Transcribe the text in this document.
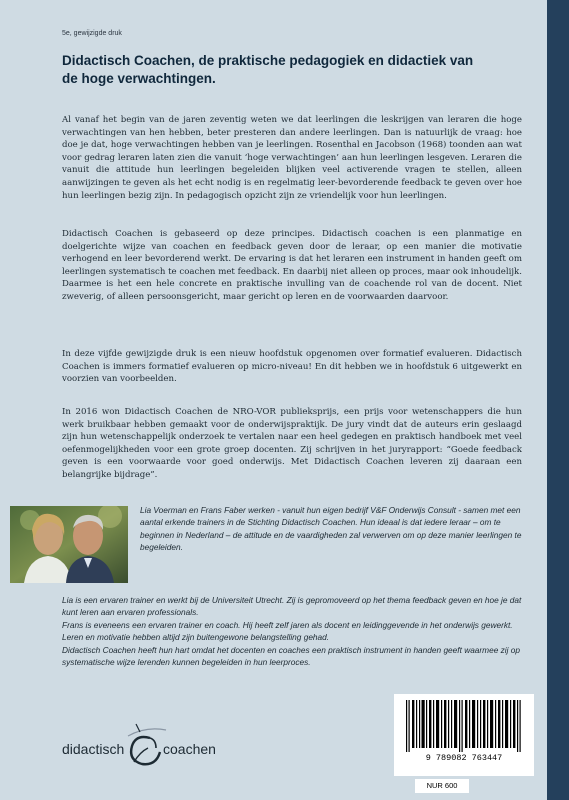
5e, gewijzigde druk
Didactisch Coachen, de praktische pedagogiek en didactiek van de hoge verwachtingen.

Al vanaf het begin van de jaren zeventig weten we dat leerlingen die leskrijgen van leraren die hoge verwachtingen van hen hebben, beter presteren dan andere leerlingen. Dan is natuurlijk de vraag: hoe doe je dat, hoge verwachtingen hebben van je leerlingen. Rosenthal en Jacobson (1968) toonden aan wat voor gedrag leraren laten zien die vanuit ‘hoge verwachtingen’ aan hun leerlingen lesgeven. Leraren die vanuit die attitude hun leerlingen begeleiden blijken veel activerende vragen te stellen, alleen aanwijzingen te geven als het echt nodig is en regelmatig leer-bevorderende feedback te geven over hoe hun leerlingen bezig zijn. In pedagogisch opzicht zijn ze vriendelijk voor hun leerlingen.

Didactisch Coachen is gebaseerd op deze principes. Didactisch coachen is een planmatige en doelgerichte wijze van coachen en feedback geven door de leraar, op een manier die motivatie verhogend en leer bevorderend werkt. De ervaring is dat het leraren een instrument in handen geeft om leerlingen systematisch te coachen met feedback. En daarbij niet alleen op proces, maar ook inhoudelijk. Daarmee is het een hele concrete en praktische invulling van de coachende rol van de docent. Niet zweverig, of alleen persoonsgericht, maar gericht op leren en de voorwaarden daarvoor.

In deze vijfde gewijzigde druk is een nieuw hoofdstuk opgenomen over formatief evalueren. Didactisch Coachen is immers formatief evalueren op micro-niveau! En dit hebben we in hoofdstuk 6 uitgewerkt en voorzien van voorbeelden.

In 2016 won Didactisch Coachen de NRO-VOR publieksprijs, een prijs voor wetenschappers die hun werk bruikbaar hebben gemaakt voor de onderwijspraktijk. De jury vindt dat de auteurs erin geslaagd zijn hun wetenschappelijk onderzoek te vertalen naar een heel gedegen en praktisch handboek met veel oefenmogelijkheden voor een grote groep docenten. Zij schrijven in het juryrapport: “Goede feedback geven is een voorwaarde voor goed onderwijs. Met Didactisch Coachen leveren zij daaraan een belangrijke bijdrage”.

Lia Voerman en Frans Faber werken - vanuit hun eigen bedrijf V&F Onderwijs Consult - samen met een aantal erkende trainers in de Stichting Didactisch Coachen. Hun ideaal is dat iedere leraar – om te beginnen in Nederland – de attitude en de vaardigheden zal verwerven om op deze manier leerlingen te begeleiden.

Lia is een ervaren trainer en werkt bij de Universiteit Utrecht. Zij is gepromoveerd op het thema feedback geven en hoe je dat kunt leren aan ervaren professionals.

Frans is eveneens een ervaren trainer en coach. Hij heeft zelf jaren als docent en leidinggevende in het onderwijs gewerkt. Leren en motivatie hebben altijd zijn buitengewone belangstelling gehad.

Didactisch Coachen heeft hun hart omdat het docenten en coaches een praktisch instrument in handen geeft waarmee zij op systematische wijze lerenden kunnen begeleiden in hun leerproces.

didactisch	coachen
9 789082 763447
NUR 600
